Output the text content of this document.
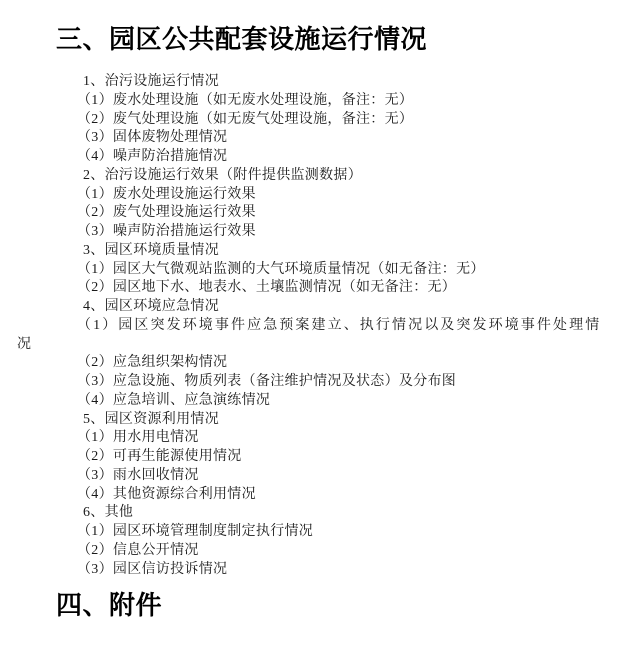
三、园区公共配套设施运行情况
1、治污设施运行情况
（1）废水处理设施（如无废水处理设施，备注：无）
（2）废气处理设施（如无废气处理设施，备注：无）
（3）固体废物处理情况
（4）噪声防治措施情况
2、治污设施运行效果（附件提供监测数据）
（1）废水处理设施运行效果
（2）废气处理设施运行效果
（3）噪声防治措施运行效果
3、园区环境质量情况
（1）园区大气微观站监测的大气环境质量情况（如无备注：无）
（2）园区地下水、地表水、土壤监测情况（如无备注：无）
4、园区环境应急情况
（1）园区突发环境事件应急预案建立、执行情况以及突发环境事件处理情
况
（2）应急组织架构情况
（3）应急设施、物质列表（备注维护情况及状态）及分布图
（4）应急培训、应急演练情况
5、园区资源利用情况
（1）用水用电情况
（2）可再生能源使用情况
（3）雨水回收情况
（4）其他资源综合利用情况
6、其他
（1）园区环境管理制度制定执行情况
（2）信息公开情况
（3）园区信访投诉情况
四、附件
